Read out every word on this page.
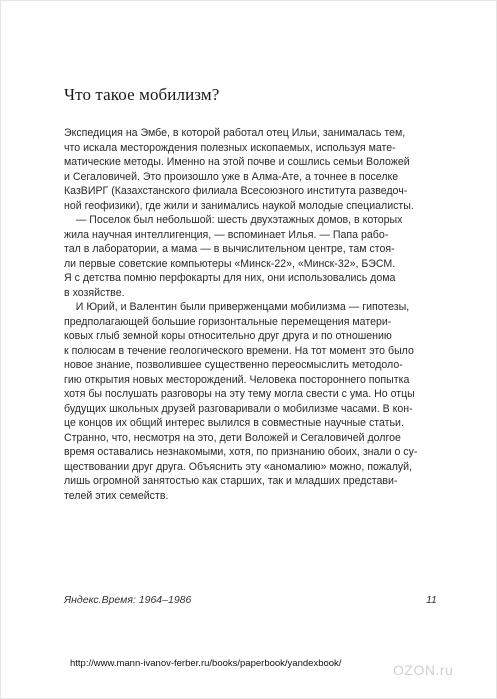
Что такое мобилизм?
Экспедиция на Эмбе, в которой работал отец Ильи, занималась тем,
что искала месторождения полезных ископаемых, используя мате-
матические методы. Именно на этой почве и сошлись семьи Воложей
и Сегаловичей. Это произошло уже в Алма-Ате, а точнее в поселке
КазВИРГ (Казахстанского филиала Всесоюзного института разведоч-
ной геофизики), где жили и занимались наукой молодые специалисты.
— Поселок был небольшой: шесть двухэтажных домов, в которых
жила научная интеллигенция, — вспоминает Илья. — Папа рабо-
тал в лаборатории, а мама — в вычислительном центре, там стоя-
ли первые советские компьютеры «Минск-22», «Минск-32», БЭСМ.
Я с детства помню перфокарты для них, они использовались дома
в хозяйстве.
И Юрий, и Валентин были приверженцами мобилизма — гипотезы,
предполагающей большие горизонтальные перемещения матери-
ковых глыб земной коры относительно друг друга и по отношению
к полюсам в течение геологического времени. На тот момент это было
новое знание, позволившее существенно переосмыслить методоло-
гию открытия новых месторождений. Человека постороннего попытка
хотя бы послушать разговоры на эту тему могла свести с ума. Но отцы
будущих школьных друзей разговаривали о мобилизме часами. В кон-
це концов их общий интерес вылился в совместные научные статьи.
Странно, что, несмотря на это, дети Воложей и Сегаловичей долгое
время оставались незнакомыми, хотя, по признанию обоих, знали о су-
ществовании друг друга. Объяснить эту «аномалию» можно, пожалуй,
лишь огромной занятостью как старших, так и младших представи-
телей этих семейств.
Яндекс.Время: 1964–1986	11
http://www.mann-ivanov-ferber.ru/books/paperbook/yandexbook/	OZON.ru
